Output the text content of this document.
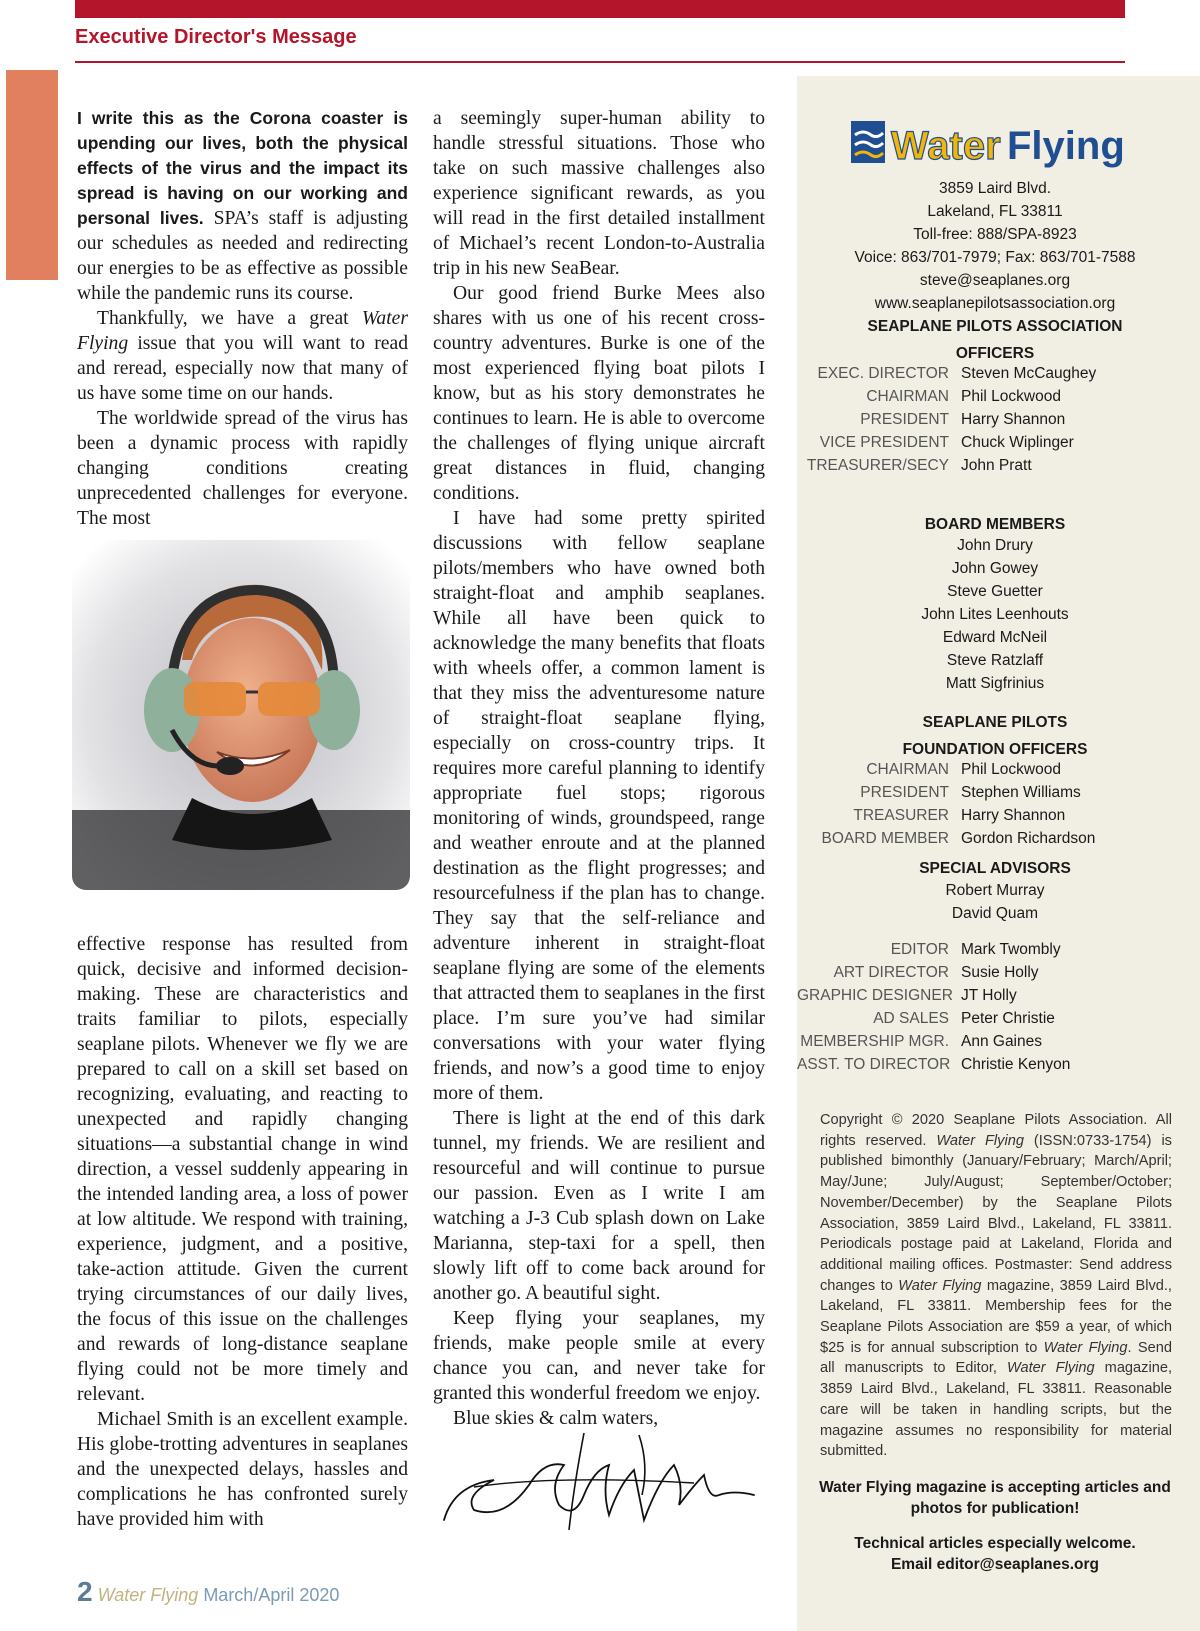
Executive Director's Message

I write this as the Corona coaster is upending our lives, both the physical effects of the virus and the impact its spread is having on our working and personal lives. SPA’s staff is adjusting our schedules as needed and redirecting our energies to be as effective as possible while the pandemic runs its course.

Thankfully, we have a great Water Flying issue that you will want to read and reread, especially now that many of us have some time on our hands.

The worldwide spread of the virus has been a dynamic process with rapidly changing conditions creating unprecedented challenges for everyone. The most

effective response has resulted from quick, decisive and informed decision-making. These are characteristics and traits familiar to pilots, especially seaplane pilots. Whenever we fly we are prepared to call on a skill set based on recognizing, evaluating, and reacting to unexpected and rapidly changing situations—a substantial change in wind direction, a vessel suddenly appearing in the intended landing area, a loss of power at low altitude. We respond with training, experience, judgment, and a positive, take-action attitude. Given the current trying circumstances of our daily lives, the focus of this issue on the challenges and rewards of long-distance seaplane flying could not be more timely and relevant.

Michael Smith is an excellent example. His globe-trotting adventures in seaplanes and the unexpected delays, hassles and complications he has confronted surely have provided him with

a seemingly super-human ability to handle stressful situations. Those who take on such massive challenges also experience significant rewards, as you will read in the first detailed installment of Michael’s recent London-to-Australia trip in his new SeaBear.

Our good friend Burke Mees also shares with us one of his recent cross-country adventures. Burke is one of the most experienced flying boat pilots I know, but as his story demonstrates he continues to learn. He is able to overcome the challenges of flying unique aircraft great distances in fluid, changing conditions.

I have had some pretty spirited discussions with fellow seaplane pilots/members who have owned both straight-float and amphib seaplanes. While all have been quick to acknowledge the many benefits that floats with wheels offer, a common lament is that they miss the adventuresome nature of straight-float seaplane flying, especially on cross-country trips. It requires more careful planning to identify appropriate fuel stops; rigorous monitoring of winds, groundspeed, range and weather enroute and at the planned destination as the flight progresses; and resourcefulness if the plan has to change. They say that the self-reliance and adventure inherent in straight-float seaplane flying are some of the elements that attracted them to seaplanes in the first place. I’m sure you’ve had similar conversations with your water flying friends, and now’s a good time to enjoy more of them.

There is light at the end of this dark tunnel, my friends. We are resilient and resourceful and will continue to pursue our passion. Even as I write I am watching a J-3 Cub splash down on Lake Marianna, step-taxi for a spell, then slowly lift off to come back around for another go. A beautiful sight.

Keep flying your seaplanes, my friends, make people smile at every chance you can, and never take for granted this wonderful freedom we enjoy.

Blue skies & calm waters,

2 Water Flying March/April 2020
Water Flying
3859 Laird Blvd.
Lakeland, FL 33811
Toll-free: 888/SPA-8923
Voice: 863/701-7979; Fax: 863/701-7588
steve@seaplanes.org
www.seaplanepilotsassociation.org
SEAPLANE PILOTS ASSOCIATION
OFFICERS
EXEC. DIRECTOR Steven McCaughey
CHAIRMAN Phil Lockwood
PRESIDENT Harry Shannon
VICE PRESIDENT Chuck Wiplinger
TREASURER/SECY John Pratt
BOARD MEMBERS
John Drury
John Gowey
Steve Guetter
John Lites Leenhouts
Edward McNeil
Steve Ratzlaff
Matt Sigfrinius
SEAPLANE PILOTS
FOUNDATION OFFICERS
CHAIRMAN Phil Lockwood
PRESIDENT Stephen Williams
TREASURER Harry Shannon
BOARD MEMBER Gordon Richardson
SPECIAL ADVISORS
Robert Murray
David Quam
EDITOR Mark Twombly
ART DIRECTOR Susie Holly
GRAPHIC DESIGNER JT Holly
AD SALES Peter Christie
MEMBERSHIP MGR. Ann Gaines
ASST. TO DIRECTOR Christie Kenyon
Copyright © 2020 Seaplane Pilots Association. All rights reserved. Water Flying (ISSN:0733-1754) is published bimonthly (January/February; March/April; May/June; July/August; September/October; November/December) by the Seaplane Pilots Association, 3859 Laird Blvd., Lakeland, FL 33811. Periodicals postage paid at Lakeland, Florida and additional mailing offices. Postmaster: Send address changes to Water Flying magazine, 3859 Laird Blvd., Lakeland, FL 33811. Membership fees for the Seaplane Pilots Association are $59 a year, of which $25 is for annual subscription to Water Flying. Send all manuscripts to Editor, Water Flying magazine, 3859 Laird Blvd., Lakeland, FL 33811. Reasonable care will be taken in handling scripts, but the magazine assumes no responsibility for material submitted.
Water Flying magazine is accepting articles and photos for publication!
Technical articles especially welcome.
Email editor@seaplanes.org
